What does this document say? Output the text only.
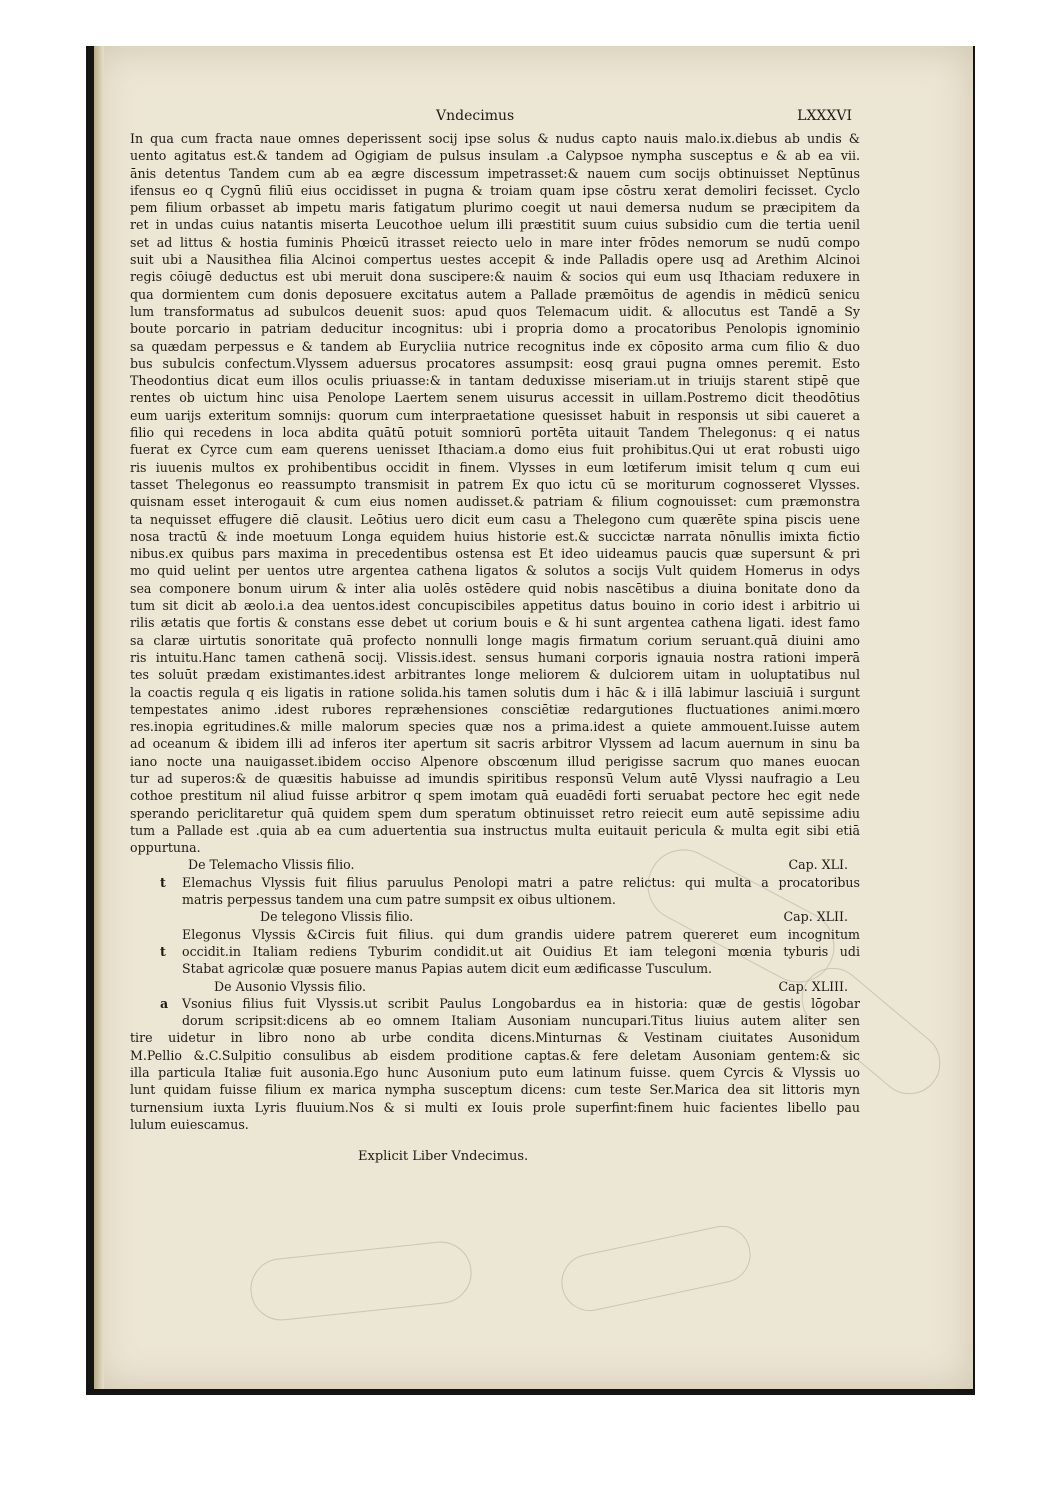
Vndecimus	LXXXVI
In qua cum fracta naue omnes deperissent socij ipse solus & nudus capto nauis malo.ix.diebus ab undis &
uento agitatus est.& tandem ad Ogigiam de pulsus insulam .a Calypsoe nympha susceptus e & ab ea vii.
ānis detentus Tandem cum ab ea ægre discessum impetrasset:& nauem cum socijs obtinuisset Neptūnus
ifensus eo q Cygnū filiū eius occidisset in pugna & troiam quam ipse cōstru xerat demoliri fecisset. Cyclo
pem filium orbasset ab impetu maris fatigatum plurimo coegit ut naui demersa nudum se præcipitem da
ret in undas cuius natantis miserta Leucothoe uelum illi præstitit suum cuius subsidio cum die tertia uenil
set ad littus & hostia fuminis Phœicū itrasset reiecto uelo in mare inter frōdes nemorum se nudū compo
suit ubi a Nausithea filia Alcinoi compertus uestes accepit & inde Palladis opere usq ad Arethim Alcinoi
regis cōiugē deductus est ubi meruit dona suscipere:& nauim & socios qui eum usq Ithaciam reduxere in
qua dormientem cum donis deposuere excitatus autem a Pallade præmōitus de agendis in mēdicū senicu
lum transformatus ad subulcos deuenit suos: apud quos Telemacum uidit. & allocutus est Tandē a Sy
boute porcario in patriam deducitur incognitus: ubi i propria domo a procatoribus Penolopis ignominio
sa quædam perpessus e & tandem ab Eurycliia nutrice recognitus inde ex cōposito arma cum filio & duo
bus subulcis confectum.Vlyssem aduersus procatores assumpsit: eosq graui pugna omnes peremit. Esto
Theodontius dicat eum illos oculis priuasse:& in tantam deduxisse miseriam.ut in triuijs starent stipē que
rentes ob uictum hinc uisa Penolope Laertem senem uisurus accessit in uillam.Postremo dicit theodōtius
eum uarijs exteritum somnijs: quorum cum interpraetatione quesisset habuit in responsis ut sibi caueret a
filio qui recedens in loca abdita quātū potuit somniorū portēta uitauit Tandem Thelegonus: q ei natus
fuerat ex Cyrce cum eam querens uenisset Ithaciam.a domo eius fuit prohibitus.Qui ut erat robusti uigo
ris iuuenis multos ex prohibentibus occidit in finem. Vlysses in eum lœtiferum imisit telum q cum eui
tasset Thelegonus eo reassumpto transmisit in patrem Ex quo ictu cū se moriturum cognosseret Vlysses.
quisnam esset interogauit & cum eius nomen audisset.& patriam & filium cognouisset: cum præmonstra
ta nequisset effugere diē clausit. Leōtius uero dicit eum casu a Thelegono cum quærēte spina piscis uene
nosa tractū & inde moetuum Longa equidem huius historie est.& succictæ narrata nōnullis imixta fictio
nibus.ex quibus pars maxima in precedentibus ostensa est Et ideo uideamus paucis quæ supersunt & pri
mo quid uelint per uentos utre argentea cathena ligatos & solutos a socijs Vult quidem Homerus in odys
sea componere bonum uirum & inter alia uolēs ostēdere quid nobis nascētibus a diuina bonitate dono da
tum sit dicit ab æolo.i.a dea uentos.idest concupiscibiles appetitus datus bouino in corio idest i arbitrio ui
rilis ætatis que fortis & constans esse debet ut corium bouis e & hi sunt argentea cathena ligati. idest famo
sa claræ uirtutis sonoritate quā profecto nonnulli longe magis firmatum corium seruant.quā diuini amo
ris intuitu.Hanc tamen cathenā socij. Vlissis.idest. sensus humani corporis ignauia nostra rationi imperā
tes soluūt prædam existimantes.idest arbitrantes longe meliorem & dulciorem uitam in uoluptatibus nul
la coactis regula q eis ligatis in ratione solida.his tamen solutis dum i hāc & i illā labimur lasciuiā i surgunt
tempestates animo .idest rubores repræhensiones consciētiæ redargutiones fluctuationes animi.mœro
res.inopia egritudines.& mille malorum species quæ nos a prima.idest a quiete ammouent.Iuisse autem
ad oceanum & ibidem illi ad inferos iter apertum sit sacris arbitror Vlyssem ad lacum auernum in sinu ba
iano nocte una nauigasset.ibidem occiso Alpenore obscœnum illud perigisse sacrum quo manes euocan
tur ad superos:& de quæsitis habuisse ad imundis spiritibus responsū Velum autē Vlyssi naufragio a Leu
cothoe prestitum nil aliud fuisse arbitror q spem imotam quā euadēdi forti seruabat pectore hec egit nede
sperando periclitaretur quā quidem spem dum speratum obtinuisset retro reiecit eum autē sepissime adiu
tum a Pallade est .quia ab ea cum aduertentia sua instructus multa euitauit pericula & multa egit sibi etiā
oppurtuna.
De Telemacho Vlissis filio.	Cap. XLI.
t Elemachus Vlyssis fuit filius paruulus Penolopi matri a patre relictus: qui multa a procatoribus
matris perpessus tandem una cum patre sumpsit ex oibus ultionem.
De telegono Vlissis filio.	Cap. XLII.
Elegonus Vlyssis &Circis fuit filius. qui dum grandis uidere patrem quereret eum incognitum
t occidit.in Italiam rediens Tyburim condidit.ut ait Ouidius Et iam telegoni mœnia tyburis udi
Stabat agricolæ quæ posuere manus Papias autem dicit eum ædificasse Tusculum.
De Ausonio Vlyssis filio.	Cap. XLIII.
a Vsonius filius fuit Vlyssis.ut scribit Paulus Longobardus ea in historia: quæ de gestis lōgobar
dorum scripsit:dicens ab eo omnem Italiam Ausoniam nuncupari.Titus liuius autem aliter sen
tire uidetur in libro nono ab urbe condita dicens.Minturnas & Vestinam ciuitates Ausonidum
M.Pellio &.C.Sulpitio consulibus ab eisdem proditione captas.& fere deletam Ausoniam gentem:& sic
illa particula Italiæ fuit ausonia.Ego hunc Ausonium puto eum latinum fuisse. quem Cyrcis & Vlyssis uo
lunt quidam fuisse filium ex marica nympha susceptum dicens: cum teste Ser.Marica dea sit littoris myn
turnensium iuxta Lyris fluuium.Nos & si multi ex Iouis prole superfint:finem huic facientes libello pau
lulum euiescamus.
Explicit Liber Vndecimus.
